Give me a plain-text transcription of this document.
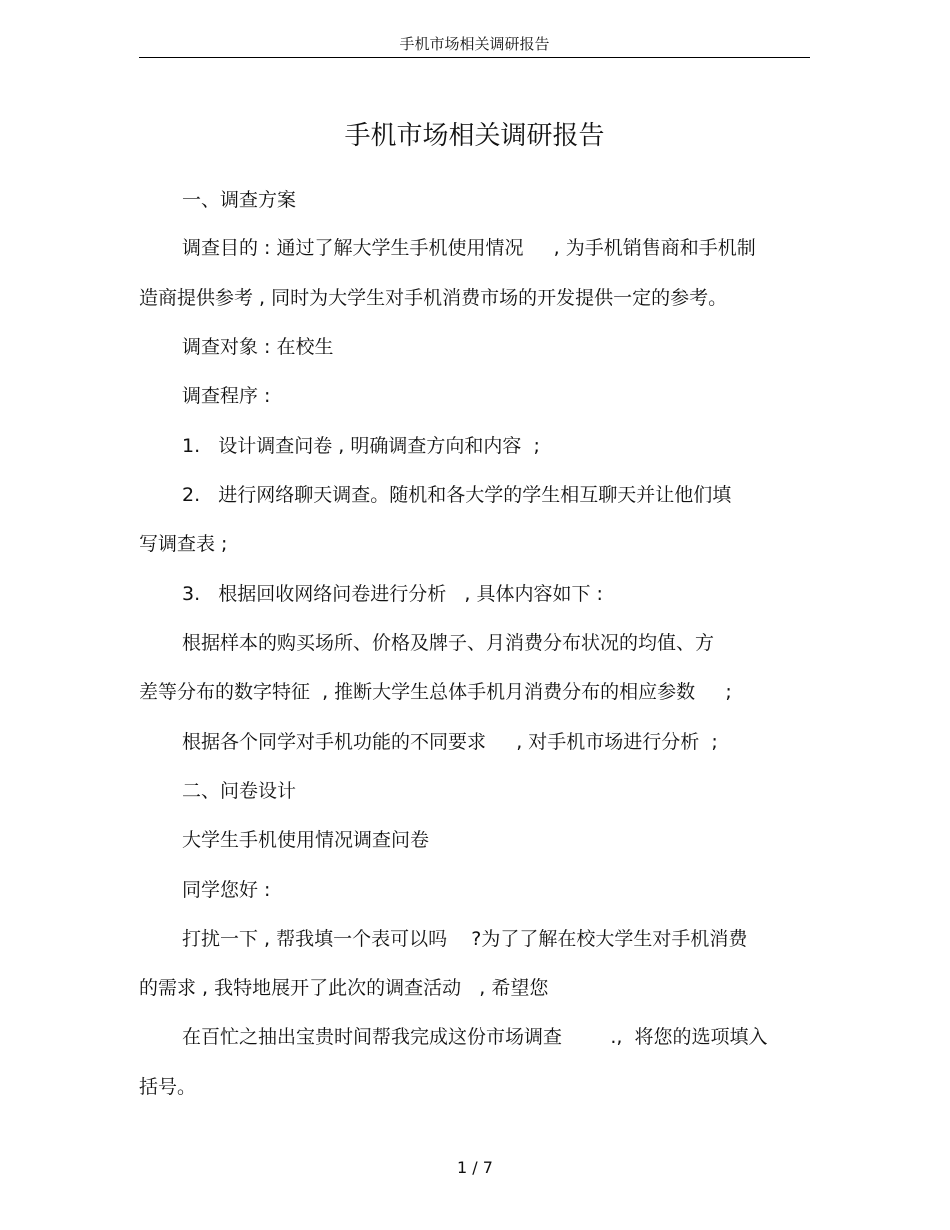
手机市场相关调研报告
手机市场相关调研报告
一、调查方案
调查目的 : 通过了解大学生手机使用情况     , 为手机销售商和手机制
造商提供参考 , 同时为大学生对手机消费市场的开发提供一定的参考。
调查对象 : 在校生
调查程序 :
1.   设计调查问卷 , 明确调查方向和内容  ;
2.   进行网络聊天调查。随机和各大学的学生相互聊天并让他们填
写调查表 ;
3.   根据回收网络问卷进行分析   , 具体内容如下 :
根据样本的购买场所、价格及牌子、月消费分布状况的均值、方
差等分布的数字特征  , 推断大学生总体手机月消费分布的相应参数     ;
根据各个同学对手机功能的不同要求     , 对手机市场进行分析  ;
二、问卷设计
大学生手机使用情况调查问卷
同学您好 :
打扰一下 , 帮我填一个表可以吗    ?为了了解在校大学生对手机消费
的需求 , 我特地展开了此次的调查活动   , 希望您
在百忙之抽出宝贵时间帮我完成这份市场调查        .,  将您的选项填入
括号。
1 / 7
